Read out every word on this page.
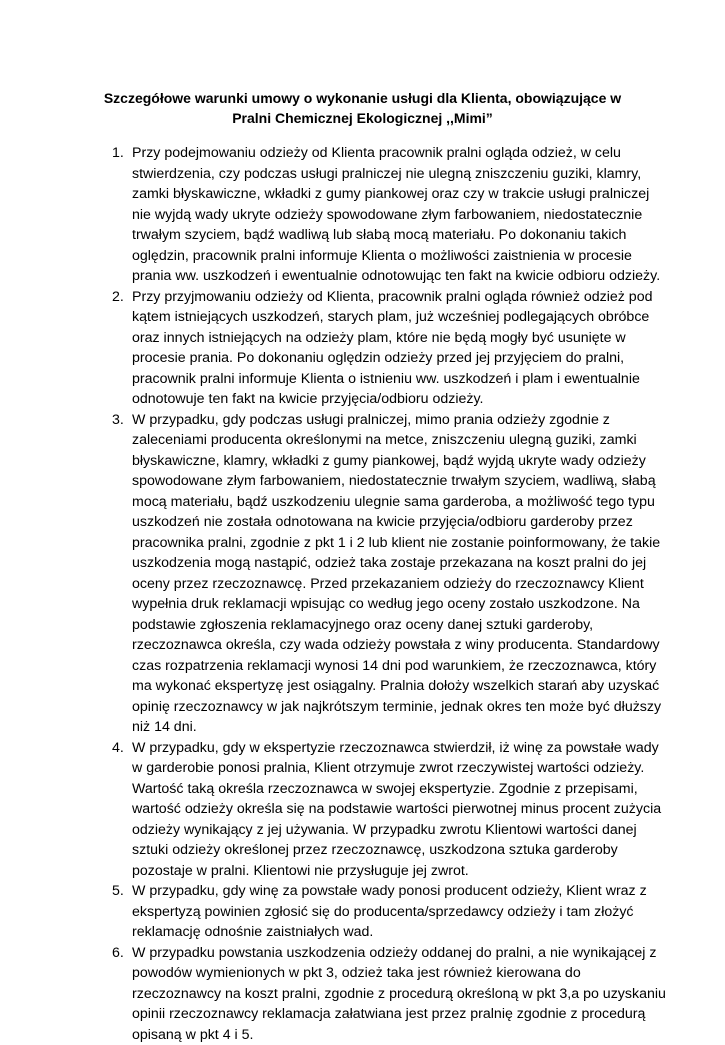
Szczegółowe warunki umowy o wykonanie usługi dla Klienta, obowiązujące w
Pralni Chemicznej Ekologicznej ,,Mimi”
1. Przy podejmowaniu odzieży od Klienta pracownik pralni ogląda odzież, w celu
stwierdzenia, czy podczas usługi pralniczej nie ulegną zniszczeniu guziki, klamry,
zamki błyskawiczne, wkładki z gumy piankowej oraz czy w trakcie usługi pralniczej
nie wyjdą wady ukryte odzieży spowodowane złym farbowaniem, niedostatecznie
trwałym szyciem, bądź wadliwą lub słabą mocą materiału. Po dokonaniu takich
oględzin, pracownik pralni informuje Klienta o możliwości zaistnienia w procesie
prania ww. uszkodzeń i ewentualnie odnotowując ten fakt na kwicie odbioru odzieży.
2. Przy przyjmowaniu odzieży od Klienta, pracownik pralni ogląda również odzież pod
kątem istniejących uszkodzeń, starych plam, już wcześniej podlegających obróbce
oraz innych istniejących na odzieży plam, które nie będą mogły być usunięte w
procesie prania. Po dokonaniu oględzin odzieży przed jej przyjęciem do pralni,
pracownik pralni informuje Klienta o istnieniu ww. uszkodzeń i plam i ewentualnie
odnotowuje ten fakt na kwicie przyjęcia/odbioru odzieży.
3. W przypadku, gdy podczas usługi pralniczej, mimo prania odzieży zgodnie z
zaleceniami producenta określonymi na metce, zniszczeniu ulegną guziki, zamki
błyskawiczne, klamry, wkładki z gumy piankowej, bądź wyjdą ukryte wady odzieży
spowodowane złym farbowaniem, niedostatecznie trwałym szyciem, wadliwą, słabą
mocą materiału, bądź uszkodzeniu ulegnie sama garderoba, a możliwość tego typu
uszkodzeń nie została odnotowana na kwicie przyjęcia/odbioru garderoby przez
pracownika pralni, zgodnie z pkt 1 i 2 lub klient nie zostanie poinformowany, że takie
uszkodzenia mogą nastąpić, odzież taka zostaje przekazana na koszt pralni do jej
oceny przez rzeczoznawcę. Przed przekazaniem odzieży do rzeczoznawcy Klient
wypełnia druk reklamacji wpisując co według jego oceny zostało uszkodzone. Na
podstawie zgłoszenia reklamacyjnego oraz oceny danej sztuki garderoby,
rzeczoznawca określa, czy wada odzieży powstała z winy producenta. Standardowy
czas rozpatrzenia reklamacji wynosi 14 dni pod warunkiem, że rzeczoznawca, który
ma wykonać ekspertyzę jest osiągalny. Pralnia dołoży wszelkich starań aby uzyskać
opinię rzeczoznawcy w jak najkrótszym terminie, jednak okres ten może być dłuższy
niż 14 dni.
4. W przypadku, gdy w ekspertyzie rzeczoznawca stwierdził, iż winę za powstałe wady
w garderobie ponosi pralnia, Klient otrzymuje zwrot rzeczywistej wartości odzieży.
Wartość taką określa rzeczoznawca w swojej ekspertyzie. Zgodnie z przepisami,
wartość odzieży określa się na podstawie wartości pierwotnej minus procent zużycia
odzieży wynikający z jej używania. W przypadku zwrotu Klientowi wartości danej
sztuki odzieży określonej przez rzeczoznawcę, uszkodzona sztuka garderoby
pozostaje w pralni. Klientowi nie przysługuje jej zwrot.
5. W przypadku, gdy winę za powstałe wady ponosi producent odzieży, Klient wraz z
ekspertyzą powinien zgłosić się do producenta/sprzedawcy odzieży i tam złożyć
reklamację odnośnie zaistniałych wad.
6. W przypadku powstania uszkodzenia odzieży oddanej do pralni, a nie wynikającej z
powodów wymienionych w pkt 3, odzież taka jest również kierowana do
rzeczoznawcy na koszt pralni, zgodnie z procedurą określoną w pkt 3,a po uzyskaniu
opinii rzeczoznawcy reklamacja załatwiana jest przez pralnię zgodnie z procedurą
opisaną w pkt 4 i 5.
